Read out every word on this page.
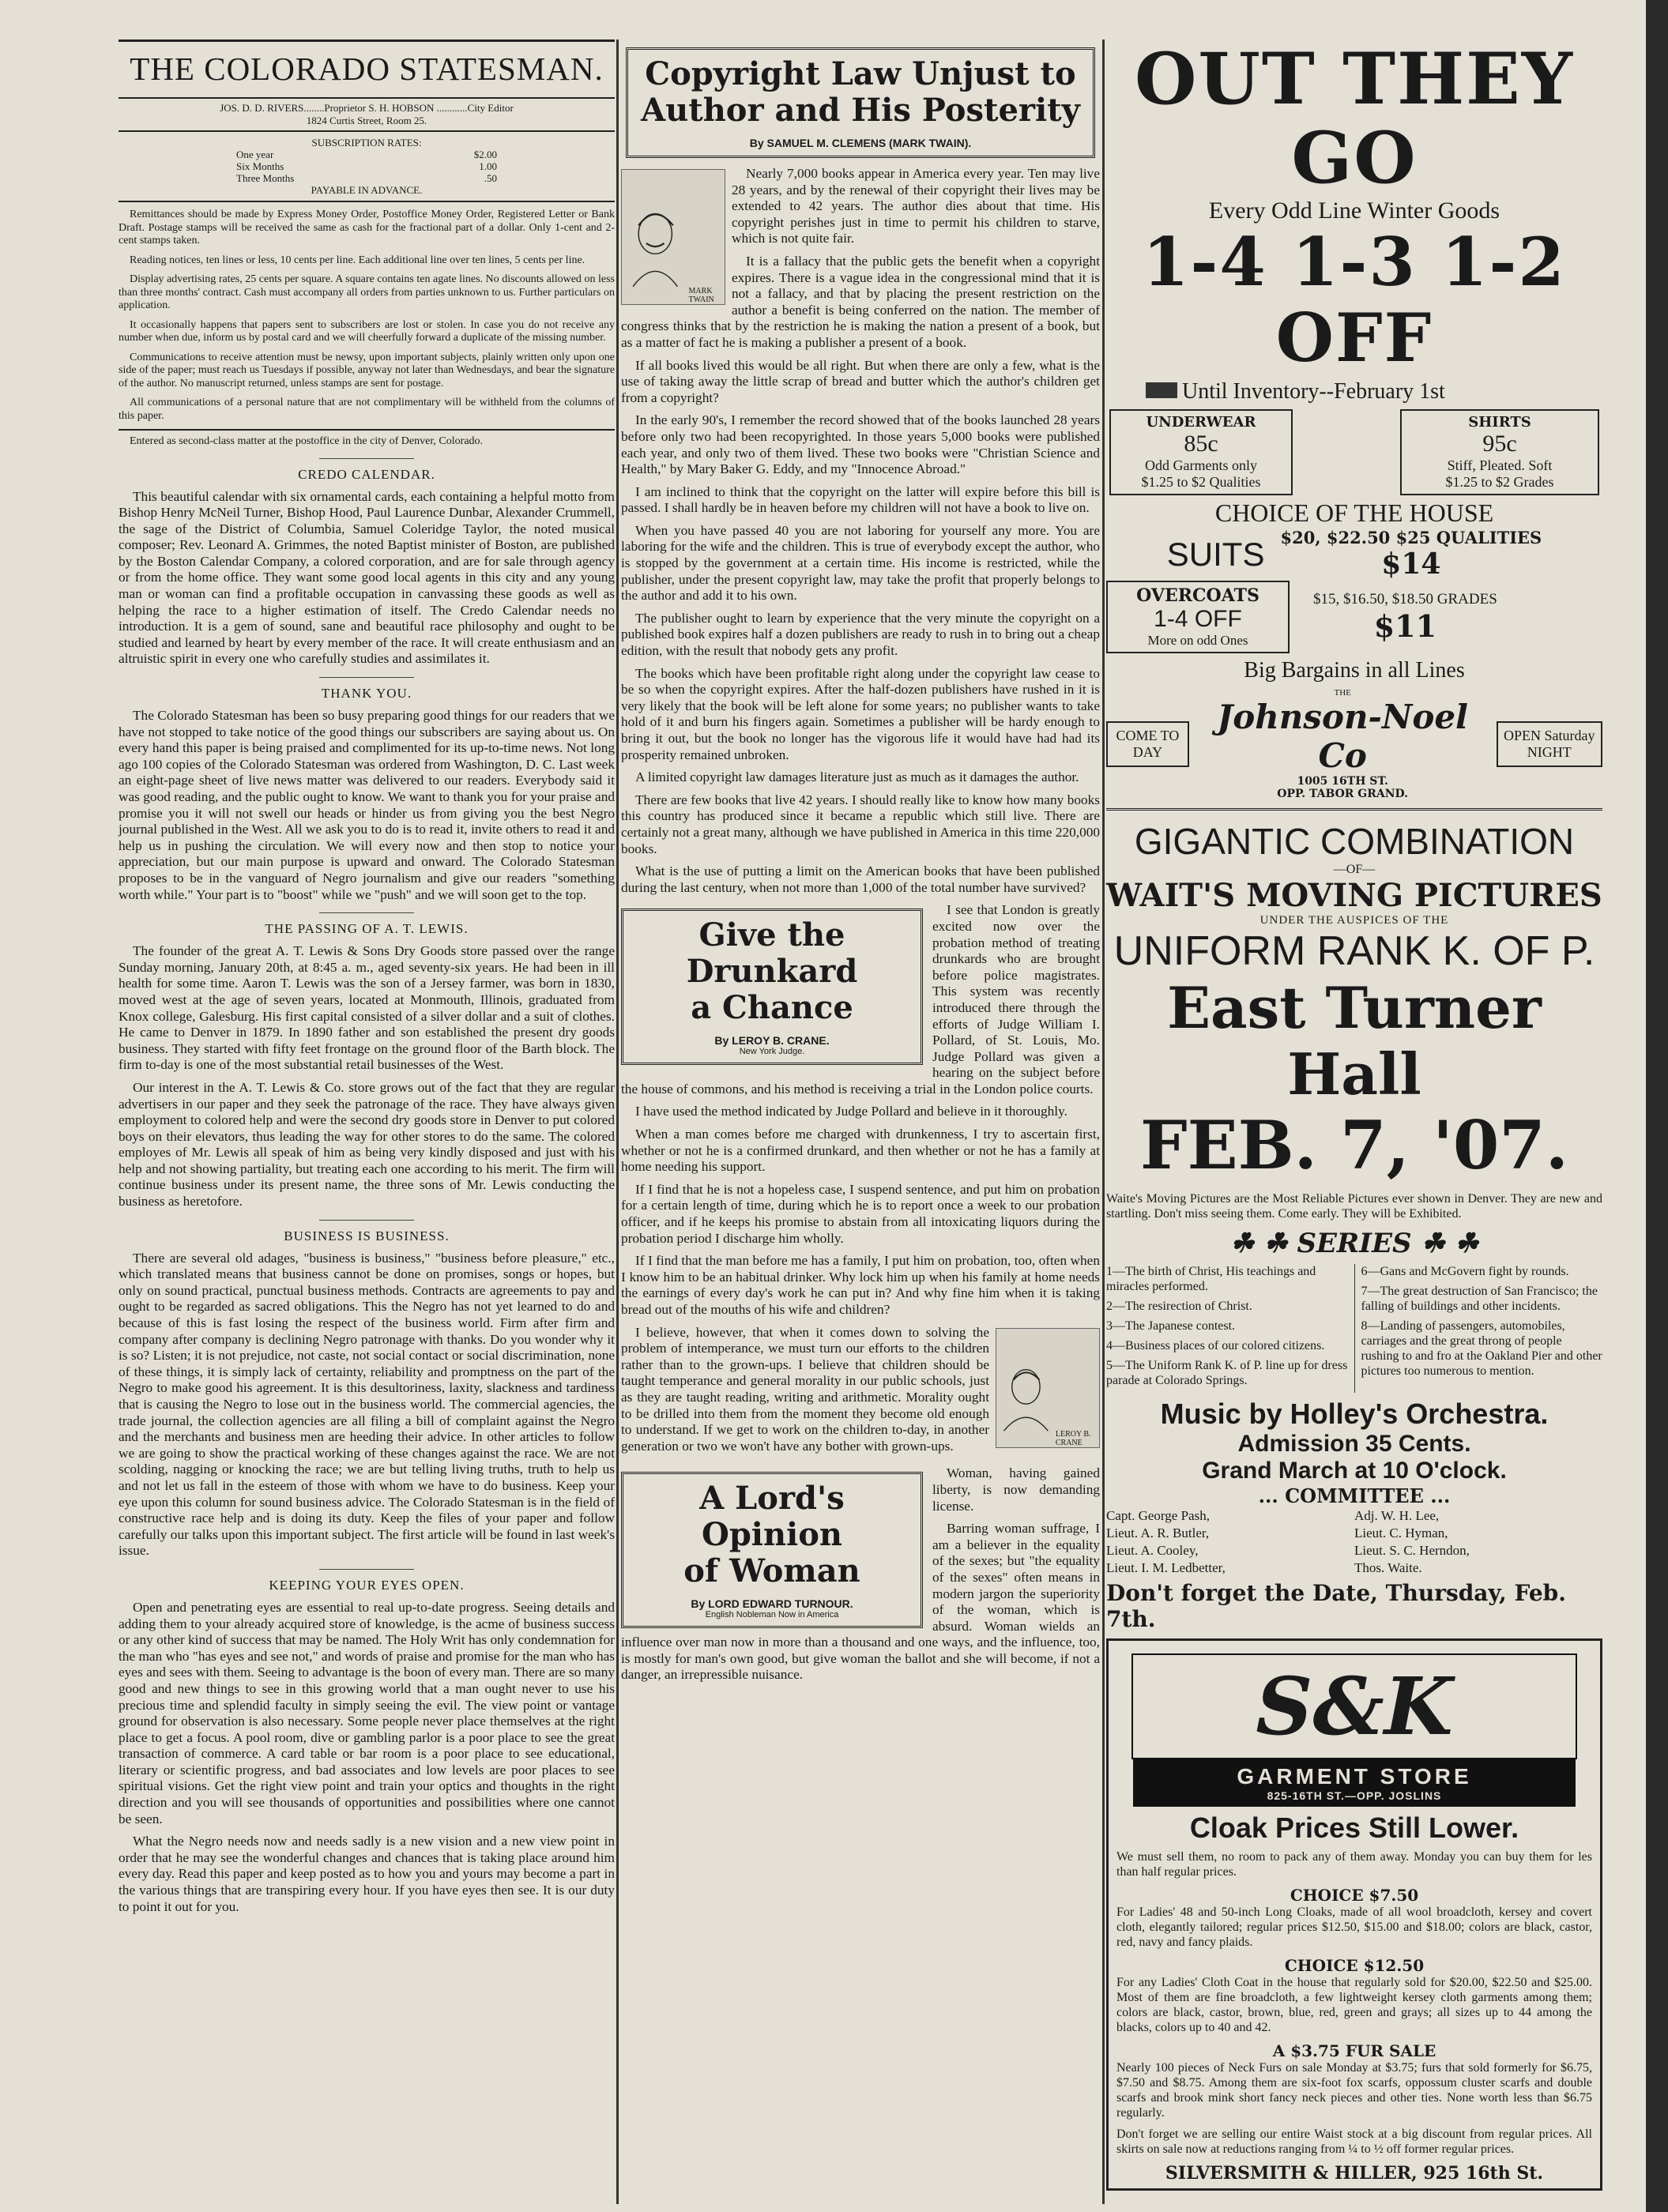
THE COLORADO STATESMAN.
JOS. D. D. RIVERS........Proprietor S. H. HOBSON ............City Editor
1824 Curtis Street, Room 25.
SUBSCRIPTION RATES:
One year	$2.00
Six Months	1.00
Three Months	.50
PAYABLE IN ADVANCE.

Remittances should be made by Express Money Order, Postoffice Money Order, Registered Letter or Bank Draft. Postage stamps will be received the same as cash for the fractional part of a dollar. Only 1-cent and 2-cent stamps taken.

Reading notices, ten lines or less, 10 cents per line. Each additional line over ten lines, 5 cents per line.

Display advertising rates, 25 cents per square. A square contains ten agate lines. No discounts allowed on less than three months' contract. Cash must accompany all orders from parties unknown to us. Further particulars on application.

It occasionally happens that papers sent to subscribers are lost or stolen. In case you do not receive any number when due, inform us by postal card and we will cheerfully forward a duplicate of the missing number.

Communications to receive attention must be newsy, upon important subjects, plainly written only upon one side of the paper; must reach us Tuesdays if possible, anyway not later than Wednesdays, and bear the signature of the author. No manuscript returned, unless stamps are sent for postage.

All communications of a personal nature that are not complimentary will be withheld from the columns of this paper.

Entered as second-class matter at the postoffice in the city of Denver, Colorado.

CREDO CALENDAR.

This beautiful calendar with six ornamental cards, each containing a helpful motto from Bishop Henry McNeil Turner, Bishop Hood, Paul Laurence Dunbar, Alexander Crummell, the sage of the District of Columbia, Samuel Coleridge Taylor, the noted musical composer; Rev. Leonard A. Grimmes, the noted Baptist minister of Boston, are published by the Boston Calendar Company, a colored corporation, and are for sale through agency or from the home office. They want some good local agents in this city and any young man or woman can find a profitable occupation in canvassing these goods as well as helping the race to a higher estimation of itself. The Credo Calendar needs no introduction. It is a gem of sound, sane and beautiful race philosophy and ought to be studied and learned by heart by every member of the race. It will create enthusiasm and an altruistic spirit in every one who carefully studies and assimilates it.

THANK YOU.

The Colorado Statesman has been so busy preparing good things for our readers that we have not stopped to take notice of the good things our subscribers are saying about us. On every hand this paper is being praised and complimented for its up-to-time news. Not long ago 100 copies of the Colorado Statesman was ordered from Washington, D. C. Last week an eight-page sheet of live news matter was delivered to our readers. Everybody said it was good reading, and the public ought to know. We want to thank you for your praise and promise you it will not swell our heads or hinder us from giving you the best Negro journal published in the West. All we ask you to do is to read it, invite others to read it and help us in pushing the circulation. We will every now and then stop to notice your appreciation, but our main purpose is upward and onward. The Colorado Statesman proposes to be in the vanguard of Negro journalism and give our readers "something worth while." Your part is to "boost" while we "push" and we will soon get to the top.

THE PASSING OF A. T. LEWIS.

The founder of the great A. T. Lewis & Sons Dry Goods store passed over the range Sunday morning, January 20th, at 8:45 a. m., aged seventy-six years. He had been in ill health for some time. Aaron T. Lewis was the son of a Jersey farmer, was born in 1830, moved west at the age of seven years, located at Monmouth, Illinois, graduated from Knox college, Galesburg. His first capital consisted of a silver dollar and a suit of clothes. He came to Denver in 1879. In 1890 father and son established the present dry goods business. They started with fifty feet frontage on the ground floor of the Barth block. The firm to-day is one of the most substantial retail businesses of the West.

Our interest in the A. T. Lewis & Co. store grows out of the fact that they are regular advertisers in our paper and they seek the patronage of the race. They have always given employment to colored help and were the second dry goods store in Denver to put colored boys on their elevators, thus leading the way for other stores to do the same. The colored employes of Mr. Lewis all speak of him as being very kindly disposed and just with his help and not showing partiality, but treating each one according to his merit. The firm will continue business under its present name, the three sons of Mr. Lewis conducting the business as heretofore.

BUSINESS IS BUSINESS.

There are several old adages, "business is business," "business before pleasure," etc., which translated means that business cannot be done on promises, songs or hopes, but only on sound practical, punctual business methods. Contracts are agreements to pay and ought to be regarded as sacred obligations. This the Negro has not yet learned to do and because of this is fast losing the respect of the business world. Firm after firm and company after company is declining Negro patronage with thanks. Do you wonder why it is so? Listen; it is not prejudice, not caste, not social contact or social discrimination, none of these things, it is simply lack of certainty, reliability and promptness on the part of the Negro to make good his agreement. It is this desultoriness, laxity, slackness and tardiness that is causing the Negro to lose out in the business world. The commercial agencies, the trade journal, the collection agencies are all filing a bill of complaint against the Negro and the merchants and business men are heeding their advice. In other articles to follow we are going to show the practical working of these changes against the race. We are not scolding, nagging or knocking the race; we are but telling living truths, truth to help us and not let us fall in the esteem of those with whom we have to do business. Keep your eye upon this column for sound business advice. The Colorado Statesman is in the field of constructive race help and is doing its duty. Keep the files of your paper and follow carefully our talks upon this important subject. The first article will be found in last week's issue.

KEEPING YOUR EYES OPEN.

Open and penetrating eyes are essential to real up-to-date progress. Seeing details and adding them to your already acquired store of knowledge, is the acme of business success or any other kind of success that may be named. The Holy Writ has only condemnation for the man who "has eyes and see not," and words of praise and promise for the man who has eyes and sees with them. Seeing to advantage is the boon of every man. There are so many good and new things to see in this growing world that a man ought never to use his precious time and splendid faculty in simply seeing the evil. The view point or vantage ground for observation is also necessary. Some people never place themselves at the right place to get a focus. A pool room, dive or gambling parlor is a poor place to see the great transaction of commerce. A card table or bar room is a poor place to see educational, literary or scientific progress, and bad associates and low levels are poor places to see spiritual visions. Get the right view point and train your optics and thoughts in the right direction and you will see thousands of opportunities and possibilities where one cannot be seen.

What the Negro needs now and needs sadly is a new vision and a new view point in order that he may see the wonderful changes and chances that is taking place around him every day. Read this paper and keep posted as to how you and yours may become a part in the various things that are transpiring every hour. If you have eyes then see. It is our duty to point it out for you.

Copyright Law Unjust to Author and His Posterity
By SAMUEL M. CLEMENS (MARK TWAIN).
MARK TWAIN

Nearly 7,000 books appear in America every year. Ten may live 28 years, and by the renewal of their copyright their lives may be extended to 42 years. The author dies about that time. His copyright perishes just in time to permit his children to starve, which is not quite fair.

It is a fallacy that the public gets the benefit when a copyright expires. There is a vague idea in the congressional mind that it is not a fallacy, and that by placing the present restriction on the author a benefit is being conferred on the nation. The member of congress thinks that by the restriction he is making the nation a present of a book, but as a matter of fact he is making a publisher a present of a book.

If all books lived this would be all right. But when there are only a few, what is the use of taking away the little scrap of bread and butter which the author's children get from a copyright?

In the early 90's, I remember the record showed that of the books launched 28 years before only two had been recopyrighted. In those years 5,000 books were published each year, and only two of them lived. These two books were "Christian Science and Health," by Mary Baker G. Eddy, and my "Innocence Abroad."

I am inclined to think that the copyright on the latter will expire before this bill is passed. I shall hardly be in heaven before my children will not have a book to live on.

When you have passed 40 you are not laboring for yourself any more. You are laboring for the wife and the children. This is true of everybody except the author, who is stopped by the government at a certain time. His income is restricted, while the publisher, under the present copyright law, may take the profit that properly belongs to the author and add it to his own.

The publisher ought to learn by experience that the very minute the copyright on a published book expires half a dozen publishers are ready to rush in to bring out a cheap edition, with the result that nobody gets any profit.

The books which have been profitable right along under the copyright law cease to be so when the copyright expires. After the half-dozen publishers have rushed in it is very likely that the book will be left alone for some years; no publisher wants to take hold of it and burn his fingers again. Sometimes a publisher will be hardy enough to bring it out, but the book no longer has the vigorous life it would have had had its prosperity remained unbroken.

A limited copyright law damages literature just as much as it damages the author.

There are few books that live 42 years. I should really like to know how many books this country has produced since it became a republic which still live. There are certainly not a great many, although we have published in America in this time 220,000 books.

What is the use of putting a limit on the American books that have been published during the last century, when not more than 1,000 of the total number have survived?

Give the Drunkard
a Chance
By LEROY B. CRANE.
New York Judge.

I see that London is greatly excited now over the probation method of treating drunkards who are brought before police magistrates. This system was recently introduced there through the efforts of Judge William I. Pollard, of St. Louis, Mo. Judge Pollard was given a hearing on the subject before the house of commons, and his method is receiving a trial in the London police courts.

I have used the method indicated by Judge Pollard and believe in it thoroughly.

When a man comes before me charged with drunkenness, I try to ascertain first, whether or not he is a confirmed drunkard, and then whether or not he has a family at home needing his support.

If I find that he is not a hopeless case, I suspend sentence, and put him on probation for a certain length of time, during which he is to report once a week to our probation officer, and if he keeps his promise to abstain from all intoxicating liquors during the probation period I discharge him wholly.

If I find that the man before me has a family, I put him on probation, too, often when I know him to be an habitual drinker. Why lock him up when his family at home needs the earnings of every day's work he can put in? And why fine him when it is taking bread out of the mouths of his wife and children?

LEROY B. CRANE

I believe, however, that when it comes down to solving the problem of intemperance, we must turn our efforts to the children rather than to the grown-ups. I believe that children should be taught temperance and general morality in our public schools, just as they are taught reading, writing and arithmetic. Morality ought to be drilled into them from the moment they become old enough to understand. If we get to work on the children to-day, in another generation or two we won't have any bother with grown-ups.

A Lord's Opinion
of Woman
By LORD EDWARD TURNOUR.
English Nobleman Now in America

Woman, having gained liberty, is now demanding license.

Barring woman suffrage, I am a believer in the equality of the sexes; but "the equality of the sexes" often means in modern jargon the superiority of the woman, which is absurd. Woman wields an influence over man now in more than a thousand and one ways, and the influence, too, is mostly for man's own good, but give woman the ballot and she will become, if not a danger, an irrepressible nuisance.

OUT THEY GO
Every Odd Line Winter Goods
1-4 1-3 1-2 OFF
Until Inventory--February 1st
UNDERWEAR
85c
Odd Garments only
$1.25 to $2 Qualities
SHIRTS
95c
Stiff, Pleated. Soft
$1.25 to $2 Grades
CHOICE OF THE HOUSE
SUITS $20, $22.50 $25 QUALITIES
$14
OVERCOATS
1-4 OFF
More on odd Ones
$15, $16.50, $18.50 GRADES
$11
Big Bargains in all Lines
COME TO DAY
THE
Johnson-Noel Co
1005 16TH ST.
OPP. TABOR GRAND.
OPEN Saturday NIGHT
GIGANTIC COMBINATION
—OF—
WAIT'S MOVING PICTURES
UNDER THE AUSPICES OF THE
UNIFORM RANK K. OF P.
East Turner Hall
FEB. 7, '07.

Waite's Moving Pictures are the Most Reliable Pictures ever shown in Denver. They are new and startling. Don't miss seeing them. Come early. They will be Exhibited.

☘ ☘ SERIES ☘ ☘
1—The birth of Christ, His teachings and miracles performed.
2—The resirection of Christ.
3—The Japanese contest.
4—Business places of our colored citizens.
5—The Uniform Rank K. of P. line up for dress parade at Colorado Springs.
6—Gans and McGovern fight by rounds.
7—The great destruction of San Francisco; the falling of buildings and other incidents.
8—Landing of passengers, automobiles, carriages and the great throng of people rushing to and fro at the Oakland Pier and other pictures too numerous to mention.
Music by Holley's Orchestra.
Admission 35 Cents.
Grand March at 10 O'clock.
... COMMITTEE ...
Capt. George Pash,
Lieut. A. R. Butler,
Lieut. A. Cooley,
Lieut. I. M. Ledbetter,
Adj. W. H. Lee,
Lieut. C. Hyman,
Lieut. S. C. Herndon,
Thos. Waite.
Don't forget the Date, Thursday, Feb. 7th.
S&K
GARMENT STORE
825-16TH ST.—OPP. JOSLINS
Cloak Prices Still Lower.

We must sell them, no room to pack any of them away. Monday you can buy them for les than half regular prices.

CHOICE $7.50

For Ladies' 48 and 50-inch Long Cloaks, made of all wool broadcloth, kersey and covert cloth, elegantly tailored; regular prices $12.50, $15.00 and $18.00; colors are black, castor, red, navy and fancy plaids.

CHOICE $12.50

For any Ladies' Cloth Coat in the house that regularly sold for $20.00, $22.50 and $25.00. Most of them are fine broadcloth, a few lightweight kersey cloth garments among them; colors are black, castor, brown, blue, red, green and grays; all sizes up to 44 among the blacks, colors up to 40 and 42.

A $3.75 FUR SALE

Nearly 100 pieces of Neck Furs on sale Monday at $3.75; furs that sold formerly for $6.75, $7.50 and $8.75. Among them are six-foot fox scarfs, oppossum cluster scarfs and double scarfs and brook mink short fancy neck pieces and other ties. None worth less than $6.75 regularly.

Don't forget we are selling our entire Waist stock at a big discount from regular prices. All skirts on sale now at reductions ranging from ¼ to ½ off former regular prices.

SILVERSMITH & HILLER, 925 16th St.
